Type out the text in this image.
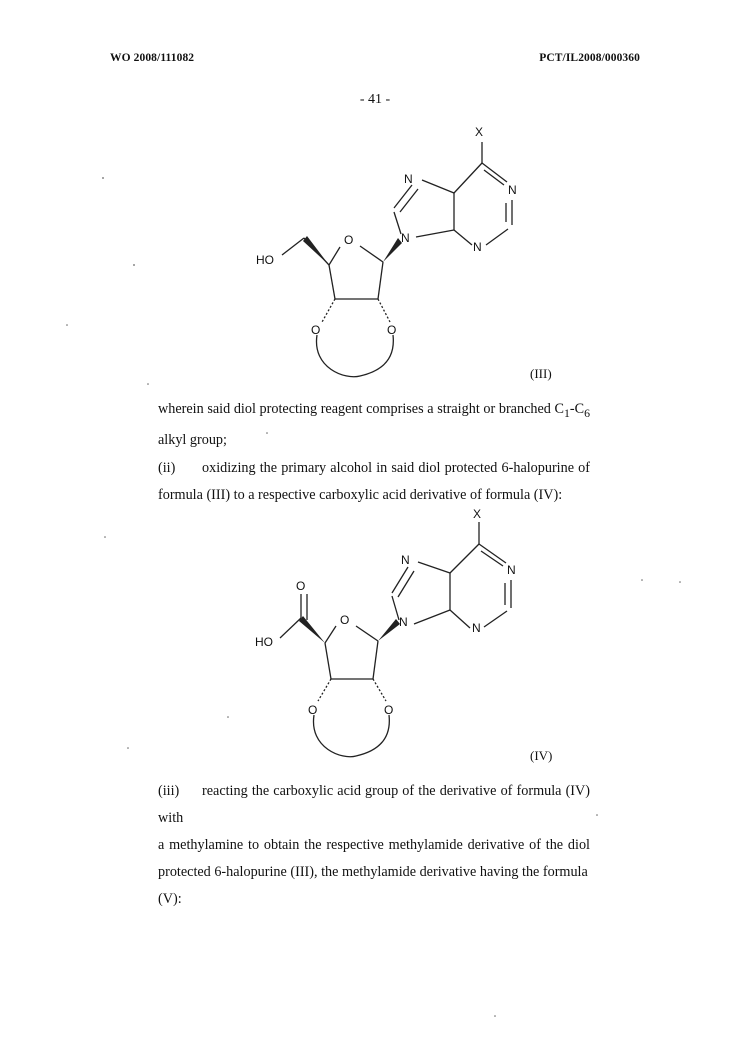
WO 2008/111082	PCT/IL2008/000360
- 41 -
X
N
N
N
N
O
HO
O	O
(III)
wherein said diol protecting reagent comprises a straight or branched $C_1-C_6$
alkyl group;
(ii) oxidizing the primary alcohol in said diol protected 6-halopurine of
formula (III) to a respective carboxylic acid derivative of formula (IV):
X
N
N
N
N
O
O
HO
O	O
(IV)
(iii) reacting the carboxylic acid group of the derivative of formula (IV) with
a methylamine to obtain the respective methylamide derivative of the diol
protected 6-halopurine (III), the methylamide derivative having the formula (V):
